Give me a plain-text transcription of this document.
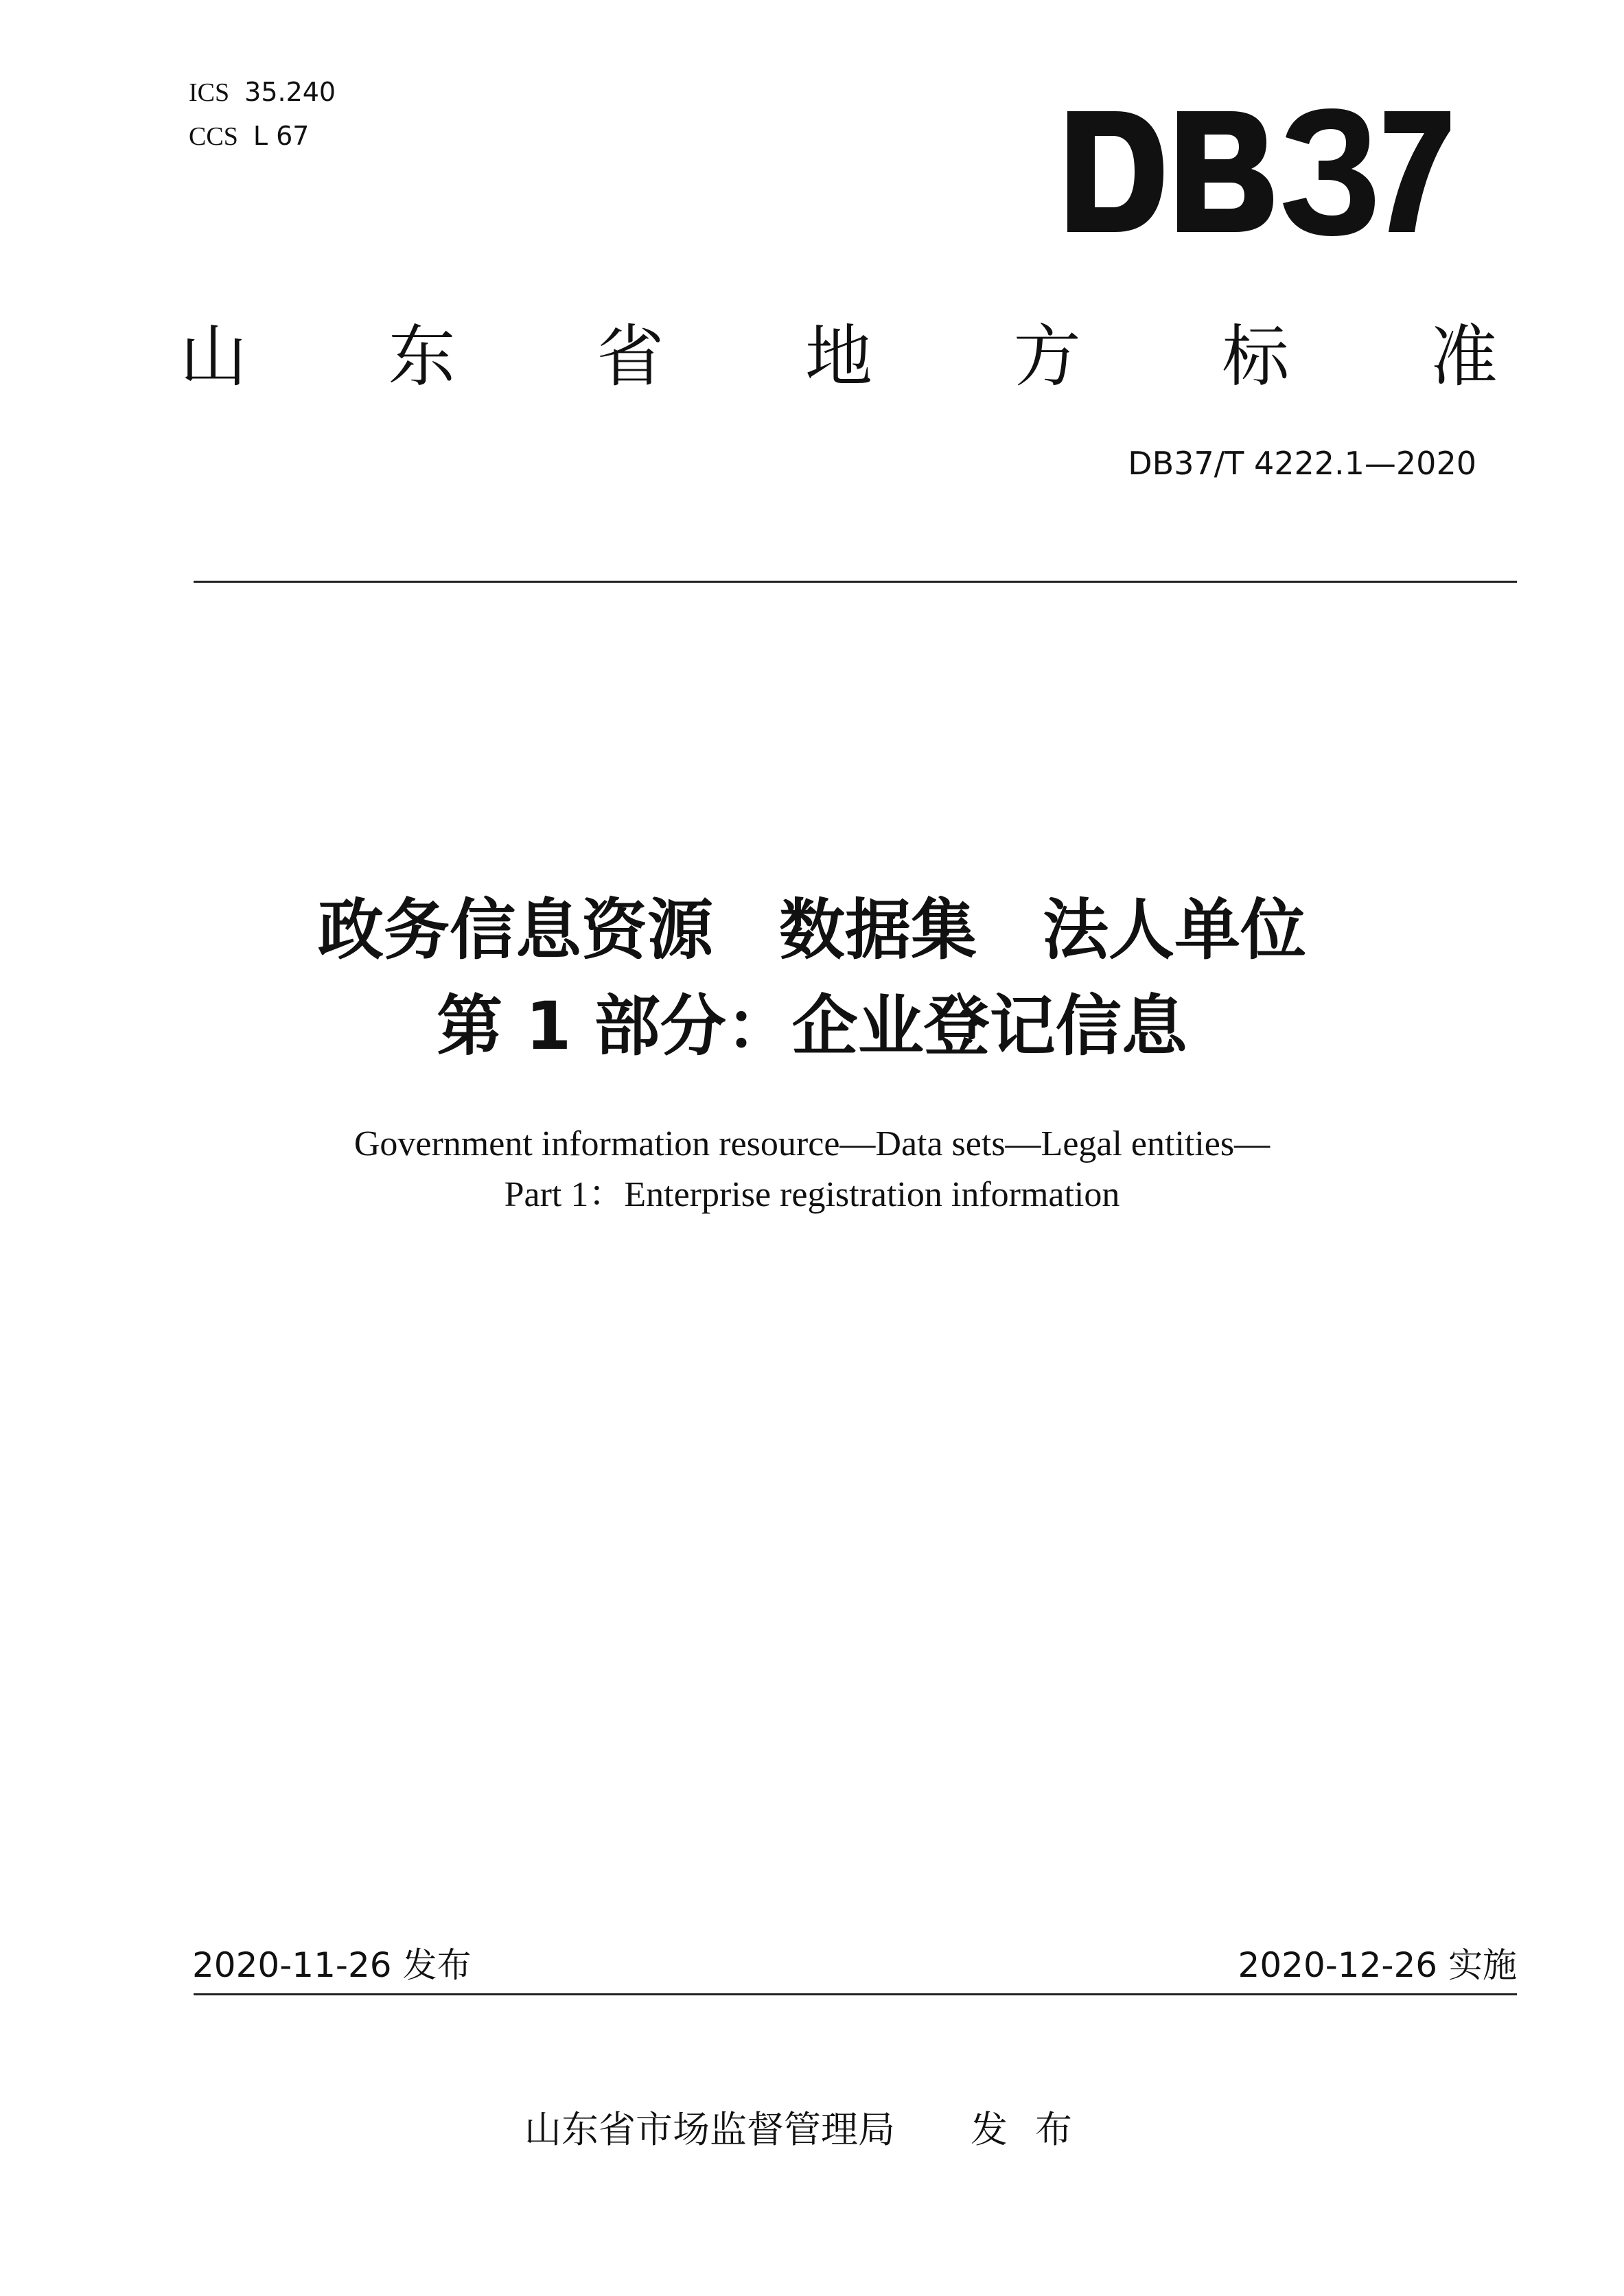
ICS 35.240
CCS L 67
山 东 省 地 方 标 准
DB37/T 4222.1—2020
政务信息资源　数据集　法人单位
第 1 部分：企业登记信息
Government information resource—Data sets—Legal entities—
Part 1：Enterprise registration information
2020-11-26 发布	2020-12-26 实施
山东省市场监督管理局 发布
